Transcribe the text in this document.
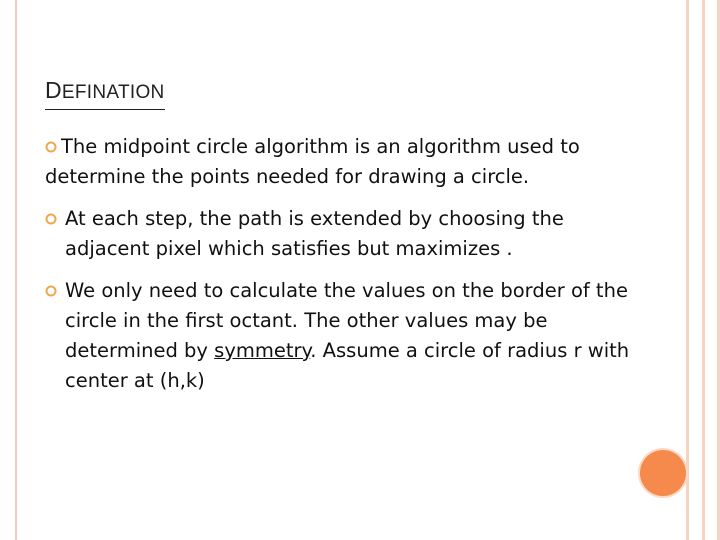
DEFINATION
The midpoint circle algorithm is an algorithm used to determine the points needed for drawing a circle.
At each step, the path is extended by choosing the adjacent pixel which satisfies but maximizes .
We only need to calculate the values on the border of the circle in the first octant. The other values may be determined by symmetry. Assume a circle of radius r with center at (h,k)
